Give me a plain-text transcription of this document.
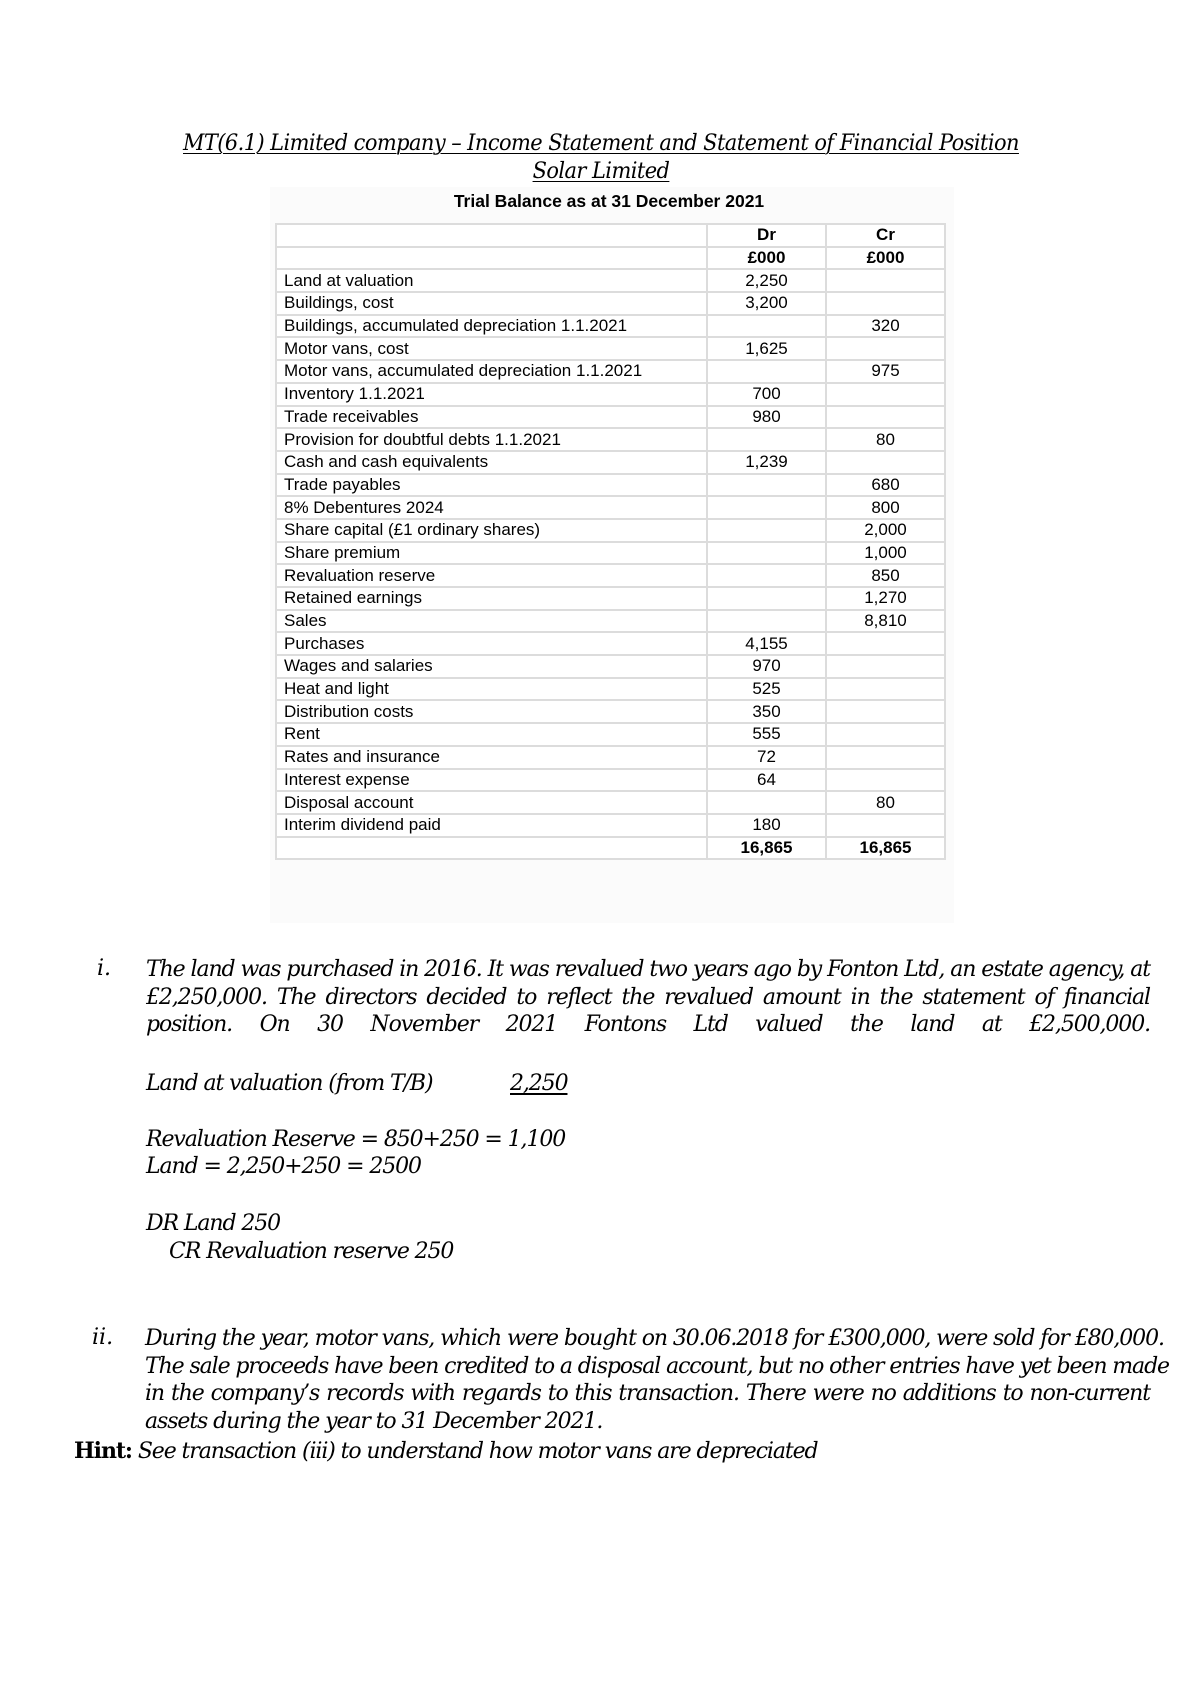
MT(6.1) Limited company – Income Statement and Statement of Financial Position
Solar Limited
Trial Balance as at 31 December 2021
	Dr	Cr
	£000	£000
Land at valuation	2,250	
Buildings, cost	3,200	
Buildings, accumulated depreciation 1.1.2021		320
Motor vans, cost	1,625	
Motor vans, accumulated depreciation 1.1.2021		975
Inventory 1.1.2021	700	
Trade receivables	980	
Provision for doubtful debts 1.1.2021		80
Cash and cash equivalents	1,239	
Trade payables		680
8% Debentures 2024		800
Share capital (£1 ordinary shares)		2,000
Share premium		1,000
Revaluation reserve		850
Retained earnings		1,270
Sales		8,810
Purchases	4,155	
Wages and salaries	970	
Heat and light	525	
Distribution costs	350	
Rent	555	
Rates and insurance	72	
Interest expense	64	
Disposal account		80
Interim dividend paid	180	
	16,865	16,865
i. The land was purchased in 2016. It was revalued two years ago by Fonton Ltd, an estate agency, at
£2,250,000. The directors decided to reflect the revalued amount in the statement of financial
position. On 30 November 2021 Fontons Ltd valued the land at £2,500,000.
Land at valuation (from T/B)	2,250
Revaluation Reserve = 850+250 = 1,100
Land = 2,250+250 = 2500
DR Land 250
CR Revaluation reserve 250
ii. During the year, motor vans, which were bought on 30.06.2018 for £300,000, were sold for £80,000.
The sale proceeds have been credited to a disposal account, but no other entries have yet been made
in the company’s records with regards to this transaction. There were no additions to non-current
assets during the year to 31 December 2021.
Hint: See transaction (iii) to understand how motor vans are depreciated
